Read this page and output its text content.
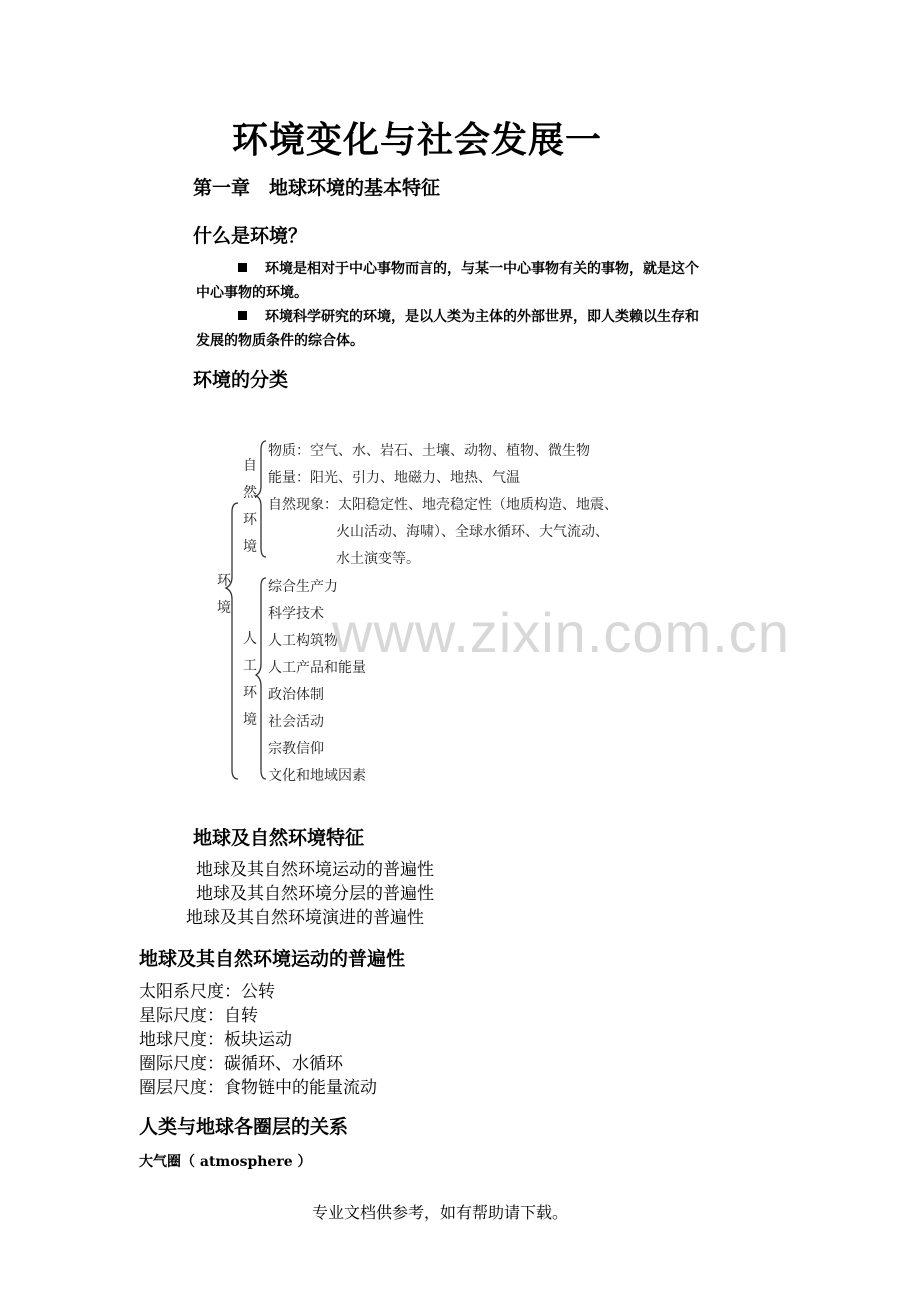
环境变化与社会发展一
第一章　地球环境的基本特征
什么是环境？
环境是相对于中心事物而言的，与某一中心事物有关的事物，就是这个
中心事物的环境。
环境科学研究的环境，是以人类为主体的外部世界，即人类赖以生存和
发展的物质条件的综合体。
环境的分类
环
境
自
然
环
境
物质：空气、水、岩石、土壤、动物、植物、微生物
能量：阳光、引力、地磁力、地热、气温
自然现象：太阳稳定性、地壳稳定性（地质构造、地震、
火山活动、海啸）、全球水循环、大气流动、
水土演变等。
人
工
环
境
综合生产力
科学技术
人工构筑物
人工产品和能量
政治体制
社会活动
宗教信仰
文化和地域因素
www.zixin.com.cn
地球及自然环境特征
地球及其自然环境运动的普遍性
地球及其自然环境分层的普遍性
地球及其自然环境演进的普遍性
地球及其自然环境运动的普遍性
太阳系尺度：公转
星际尺度：自转
地球尺度：板块运动
圈际尺度：碳循环、水循环
圈层尺度：食物链中的能量流动
人类与地球各圈层的关系
大气圈（ atmosphere ）
专业文档供参考，如有帮助请下载。
